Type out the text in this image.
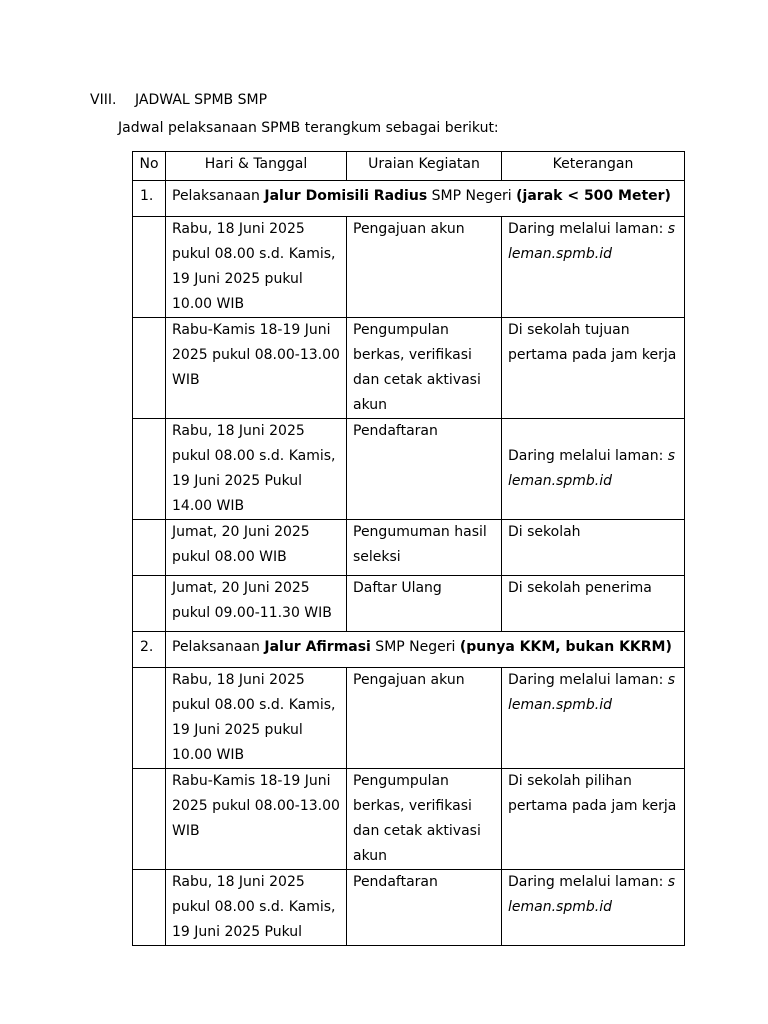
VIII. JADWAL SPMB SMP
Jadwal pelaksanaan SPMB terangkum sebagai berikut:
No	Hari & Tanggal	Uraian Kegiatan	Keterangan
1.	Pelaksanaan Jalur Domisili Radius SMP Negeri (jarak < 500 Meter)		
	Rabu, 18 Juni 2025 pukul 08.00 s.d. Kamis, 19 Juni 2025 pukul 10.00 WIB	Pengajuan akun	Daring melalui laman: s leman.spmb.id
	Rabu-Kamis 18-19 Juni 2025 pukul 08.00-13.00 WIB	Pengumpulan berkas, verifikasi dan cetak aktivasi akun	Di sekolah tujuan pertama pada jam kerja
	Rabu, 18 Juni 2025 pukul 08.00 s.d. Kamis, 19 Juni 2025 Pukul 14.00 WIB	Pendaftaran	Daring melalui laman: s leman.spmb.id
	Jumat, 20 Juni 2025 pukul 08.00 WIB	Pengumuman hasil seleksi	Di sekolah
	Jumat, 20 Juni 2025 pukul 09.00-11.30 WIB	Daftar Ulang	Di sekolah penerima
2.	Pelaksanaan Jalur Afirmasi SMP Negeri (punya KKM, bukan KKRM)		
	Rabu, 18 Juni 2025 pukul 08.00 s.d. Kamis, 19 Juni 2025 pukul 10.00 WIB	Pengajuan akun	Daring melalui laman: s leman.spmb.id
	Rabu-Kamis 18-19 Juni 2025 pukul 08.00-13.00 WIB	Pengumpulan berkas, verifikasi dan cetak aktivasi akun	Di sekolah pilihan pertama pada jam kerja
	Rabu, 18 Juni 2025 pukul 08.00 s.d. Kamis, 19 Juni 2025 Pukul	Pendaftaran	Daring melalui laman: s leman.spmb.id
